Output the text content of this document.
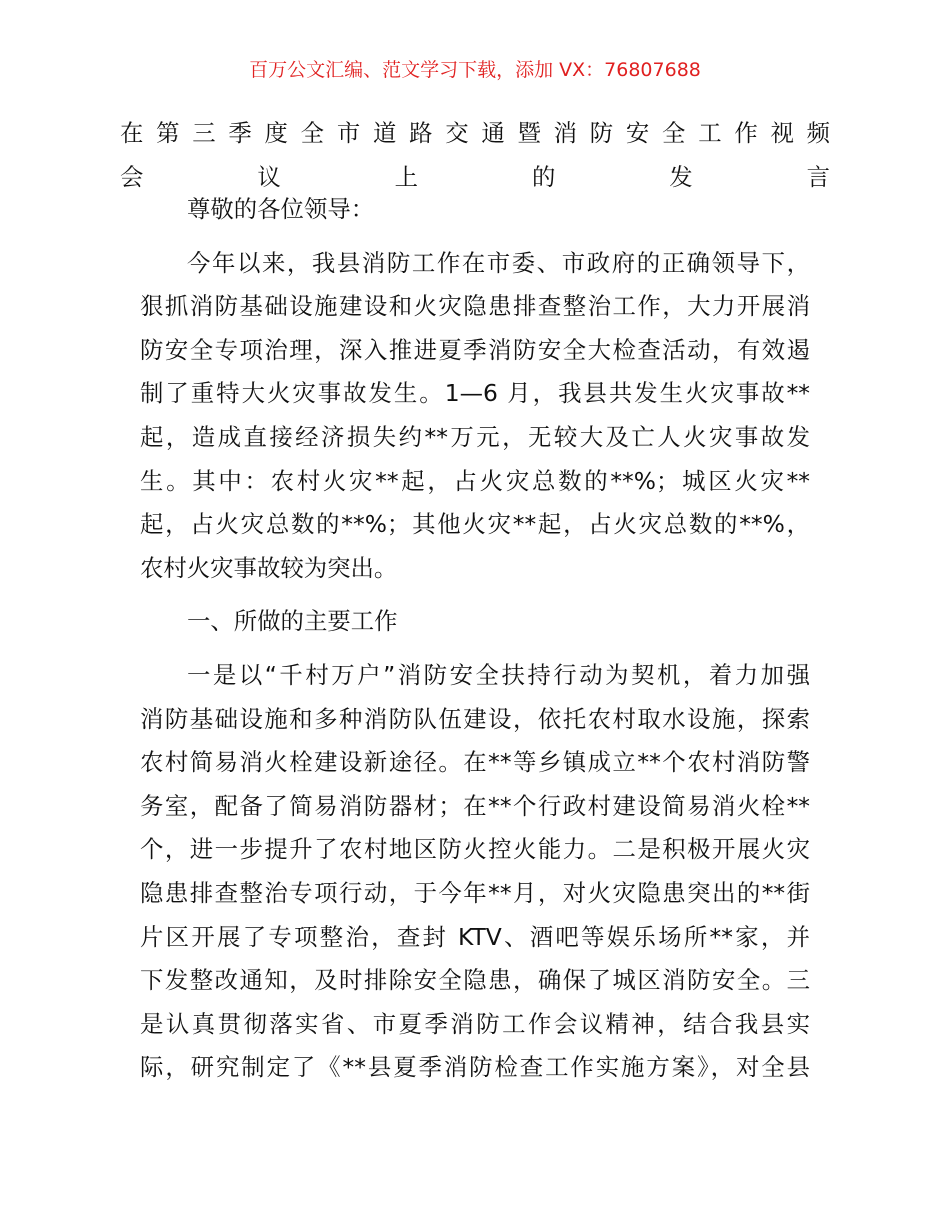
百万公文汇编、范文学习下载，添加 VX：76807688
在第三季度全市道路交通暨消防安全工作视频
会议上的发言
尊敬的各位领导：
今年以来，我县消防工作在市委、市政府的正确领导下，
狠抓消防基础设施建设和火灾隐患排查整治工作，大力开展消
防安全专项治理，深入推进夏季消防安全大检查活动，有效遏
制了重特大火灾事故发生。1—6 月，我县共发生火灾事故**
起，造成直接经济损失约**万元，无较大及亡人火灾事故发
生。其中：农村火灾**起，占火灾总数的**%；城区火灾**
起，占火灾总数的**%；其他火灾**起，占火灾总数的**%，
农村火灾事故较为突出。
一、所做的主要工作
一是以“千村万户”消防安全扶持行动为契机，着力加强
消防基础设施和多种消防队伍建设，依托农村取水设施，探索
农村简易消火栓建设新途径。在**等乡镇成立**个农村消防警
务室，配备了简易消防器材；在**个行政村建设简易消火栓**
个，进一步提升了农村地区防火控火能力。二是积极开展火灾
隐患排查整治专项行动，于今年**月，对火灾隐患突出的**街
片区开展了专项整治，查封 KTV、酒吧等娱乐场所**家，并
下发整改通知，及时排除安全隐患，确保了城区消防安全。三
是认真贯彻落实省、市夏季消防工作会议精神，结合我县实
际，研究制定了《**县夏季消防检查工作实施方案》，对全县
